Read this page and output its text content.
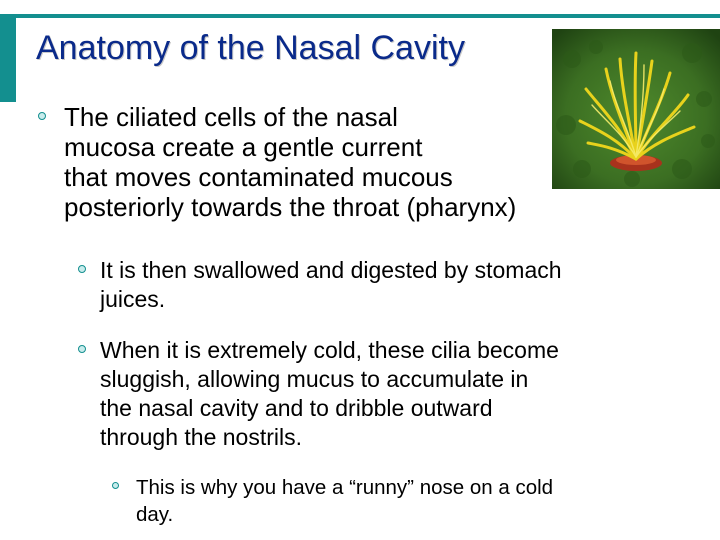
Anatomy of the Nasal Cavity
The ciliated cells of the nasal
mucosa create a gentle current
that moves contaminated mucous
posteriorly towards the throat (pharynx)
It is then swallowed and digested by stomach
juices.
When it is extremely cold, these cilia become
sluggish, allowing mucus to accumulate in
the nasal cavity and to dribble outward
through the nostrils.
This is why you have a “runny” nose on a cold
day.
